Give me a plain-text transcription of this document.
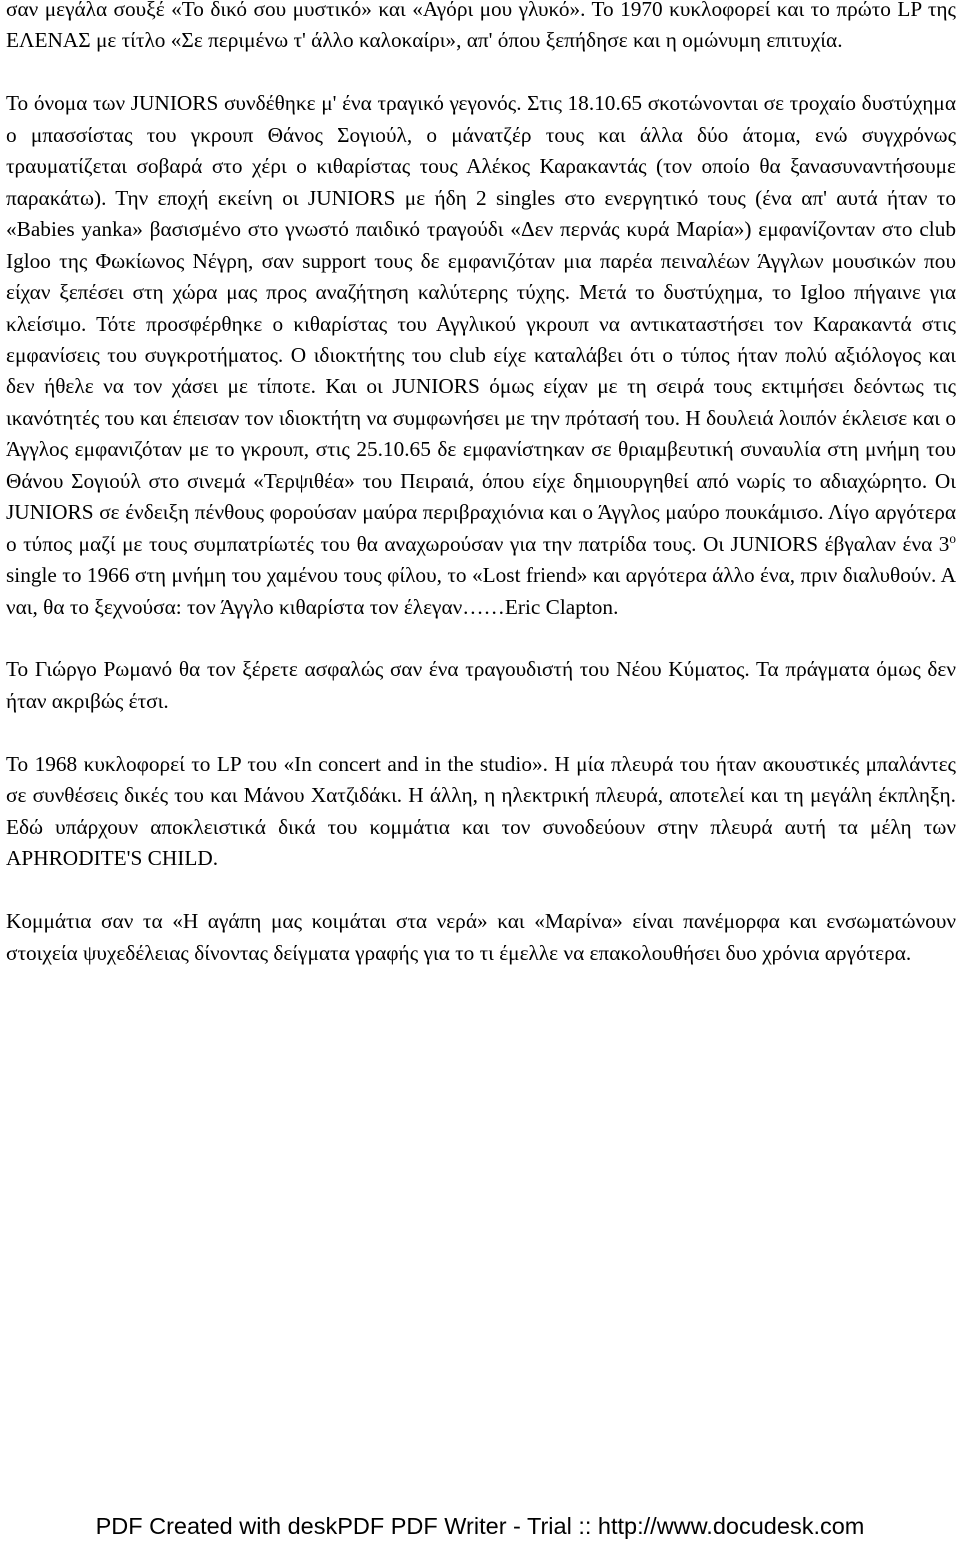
σαν μεγάλα σουξέ «Το δικό σου μυστικό» και «Αγόρι μου γλυκό». Το 1970 κυκλοφορεί και το πρώτο LP της ΕΛΕΝΑΣ με τίτλο «Σε περιμένω τ' άλλο καλοκαίρι», απ' όπου ξεπήδησε και η ομώνυμη επιτυχία.

Το όνομα των JUNIORS συνδέθηκε μ' ένα τραγικό γεγονός. Στις 18.10.65 σκοτώνονται σε τροχαίο δυστύχημα ο μπασσίστας του γκρουπ Θάνος Σογιούλ, ο μάνατζέρ τους και άλλα δύο άτομα, ενώ συγχρόνως τραυματίζεται σοβαρά στο χέρι ο κιθαρίστας τους Αλέκος Καρακαντάς (τον οποίο θα ξανασυναντήσουμε παρακάτω). Την εποχή εκείνη οι JUNIORS με ήδη 2 singles στο ενεργητικό τους (ένα απ' αυτά ήταν το «Babies yanka» βασισμένο στο γνωστό παιδικό τραγούδι «Δεν περνάς κυρά Μαρία») εμφανίζονταν στο club Igloo της Φωκίωνος Νέγρη, σαν support τους δε εμφανιζόταν μια παρέα πειναλέων Άγγλων μουσικών που είχαν ξεπέσει στη χώρα μας προς αναζήτηση καλύτερης τύχης. Μετά το δυστύχημα, το Igloo πήγαινε για κλείσιμο. Τότε προσφέρθηκε ο κιθαρίστας του Αγγλικού γκρουπ να αντικαταστήσει τον Καρακαντά στις εμφανίσεις του συγκροτήματος. Ο ιδιοκτήτης του club είχε καταλάβει ότι ο τύπος ήταν πολύ αξιόλογος και δεν ήθελε να τον χάσει με τίποτε. Και οι JUNIORS όμως είχαν με τη σειρά τους εκτιμήσει δεόντως τις ικανότητές του και έπεισαν τον ιδιοκτήτη να συμφωνήσει με την πρότασή του. Η δουλειά λοιπόν έκλεισε και ο Άγγλος εμφανιζόταν με το γκρουπ, στις 25.10.65 δε εμφανίστηκαν σε θριαμβευτική συναυλία στη μνήμη του Θάνου Σογιούλ στο σινεμά «Τερψιθέα» του Πειραιά, όπου είχε δημιουργηθεί από νωρίς το αδιαχώρητο. Οι JUNIORS σε ένδειξη πένθους φορούσαν μαύρα περιβραχιόνια και ο Άγγλος μαύρο πουκάμισο. Λίγο αργότερα ο τύπος μαζί με τους συμπατρίωτές του θα αναχωρούσαν για την πατρίδα τους. Οι JUNIORS έβγαλαν ένα $3^o$ single το 1966 στη μνήμη του χαμένου τους φίλου, το «Lost friend» και αργότερα άλλο ένα, πριν διαλυθούν. Α ναι, θα το ξεχνούσα: τον Άγγλο κιθαρίστα τον έλεγαν……Eric Clapton.

Το Γιώργο Ρωμανό θα τον ξέρετε ασφαλώς σαν ένα τραγουδιστή του Νέου Κύματος. Τα πράγματα όμως δεν ήταν ακριβώς έτσι.

Το 1968 κυκλοφορεί το LP του «In concert and in the studio». Η μία πλευρά του ήταν ακουστικές μπαλάντες σε συνθέσεις δικές του και Μάνου Χατζιδάκι. Η άλλη, η ηλεκτρική πλευρά, αποτελεί και τη μεγάλη έκπληξη. Εδώ υπάρχουν αποκλειστικά δικά του κομμάτια και τον συνοδεύουν στην πλευρά αυτή τα μέλη των APHRODITE'S CHILD.

Κομμάτια σαν τα «Η αγάπη μας κοιμάται στα νερά» και «Μαρίνα» είναι πανέμορφα και ενσωματώνουν στοιχεία ψυχεδέλειας δίνοντας δείγματα γραφής για το τι έμελλε να επακολουθήσει δυο χρόνια αργότερα.

PDF Created with deskPDF PDF Writer - Trial :: http://www.docudesk.com
